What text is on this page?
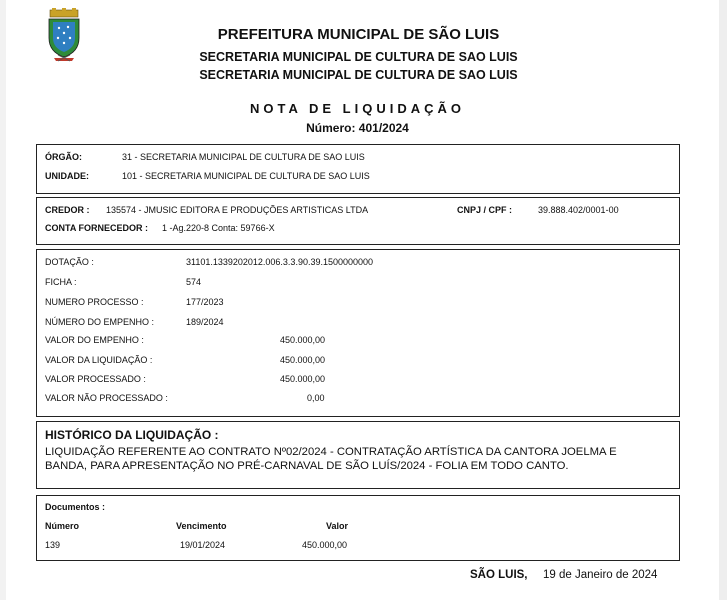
PREFEITURA MUNICIPAL DE SÃO LUIS
SECRETARIA MUNICIPAL DE CULTURA DE SAO LUIS
SECRETARIA MUNICIPAL DE CULTURA DE SAO LUIS
NOTA DE LIQUIDAÇÃO
Número: 401/2024
ÓRGÃO:	31 - SECRETARIA MUNICIPAL DE CULTURA DE SAO LUIS
UNIDADE:	101 - SECRETARIA MUNICIPAL DE CULTURA DE SAO LUIS
CREDOR : 135574 - JMUSIC EDITORA E PRODUÇÕES ARTISTICAS LTDA	CNPJ / CPF :	39.888.402/0001-00
CONTA FORNECEDOR : 1 -Ag.220-8 Conta: 59766-X
DOTAÇÃO :	31101.1339202012.006.3.3.90.39.1500000000
FICHA :	574
NUMERO PROCESSO :	177/2023
NÚMERO DO EMPENHO :	189/2024
VALOR DO EMPENHO :	450.000,00
VALOR DA LIQUIDAÇÃO :	450.000,00
VALOR PROCESSADO :	450.000,00
VALOR NÃO PROCESSADO :	0,00
HISTÓRICO DA LIQUIDAÇÃO :
LIQUIDAÇÃO REFERENTE AO CONTRATO Nº02/2024 - CONTRATAÇÃO ARTÍSTICA DA CANTORA JOELMA E
BANDA, PARA APRESENTAÇÃO NO PRÉ-CARNAVAL DE SÃO LUÍS/2024 - FOLIA EM TODO CANTO.
Documentos :
Número	Vencimento	Valor
139	19/01/2024	450.000,00
SÃO LUIS, 19 de Janeiro de 2024
